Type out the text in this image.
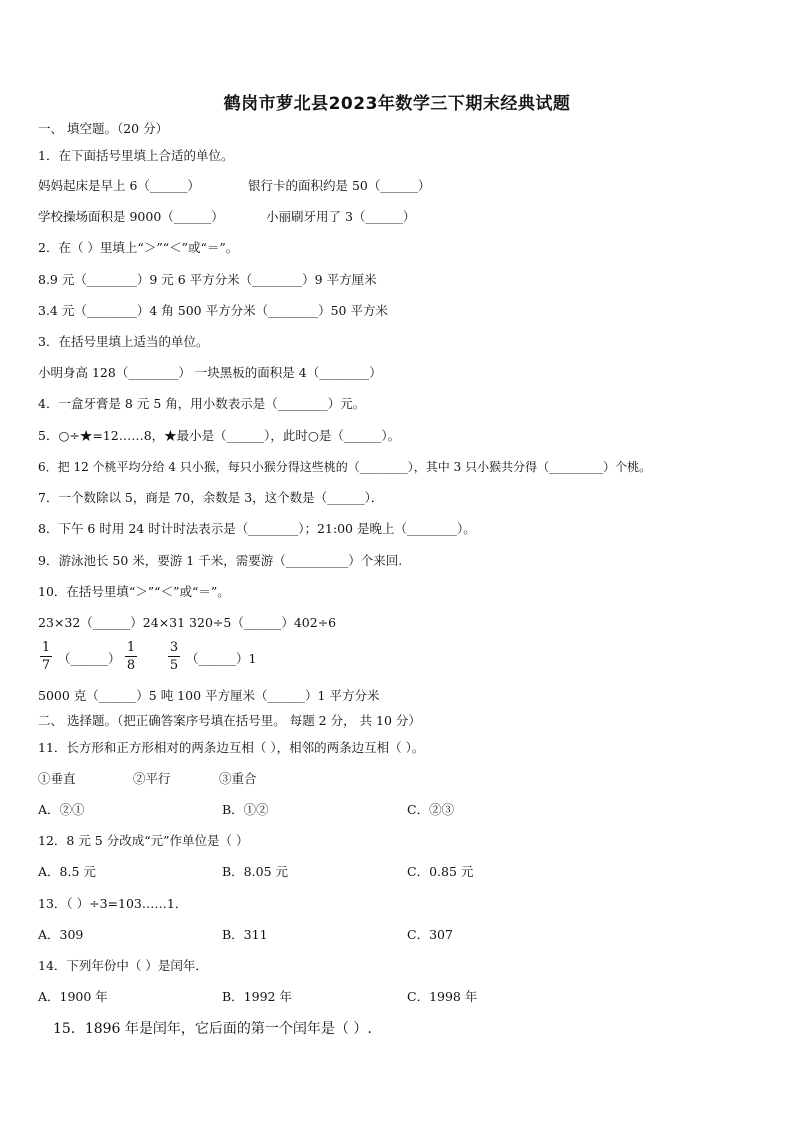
鹤岗市萝北县2023年数学三下期末经典试题
一、 填空题。（20 分）
1．在下面括号里填上合适的单位。
妈妈起床是早上 6（______）	银行卡的面积约是 50（______）
学校操场面积是 9000（______）	小丽刷牙用了 3（______）
2．在（ ）里填上“＞”“＜”或“＝”。
8.9 元（________）9 元 6 平方分米（________）9 平方厘米
3.4 元（________）4 角 500 平方分米（________）50 平方米
3．在括号里填上适当的单位。
小明身高 128（________） 一块黑板的面积是 4（________）
4．一盒牙膏是 8 元 5 角，用小数表示是（________）元。
5．○÷★=12……8，★最小是（______），此时○是（______）。
6．把 12 个桃平均分给 4 只小猴，每只小猴分得这些桃的（________），其中 3 只小猴共分得（_________）个桃。
7．一个数除以 5，商是 70，余数是 3，这个数是（______）．
8．下午 6 时用 24 时计时法表示是（________）；21:00 是晚上（________）。
9．游泳池长 50 米，要游 1 千米，需要游（__________）个来回.
10．在括号里填“＞”“＜”或“＝”。
23×32（______）24×31 320÷5（______）402÷6
1
7 （______）
1
8
3
5 （______）1
5000 克（______）5 吨 100 平方厘米（______）1 平方分米
二、 选择题。（把正确答案序号填在括号里。 每题 2 分， 共 10 分）
11．长方形和正方形相对的两条边互相（ ），相邻的两条边互相（ ）。
①垂直	②平行	③重合
A．②①	B．①②	C．②③
12．8 元 5 分改成“元”作单位是（ ）
A．8.5 元	B．8.05 元	C．0.85 元
13．（ ）÷3=103……1．
A．309	B．311	C．307
14．下列年份中（ ）是闰年．
A．1900 年	B．1992 年	C．1998 年
15．1896 年是闰年，它后面的第一个闰年是（ ）.
